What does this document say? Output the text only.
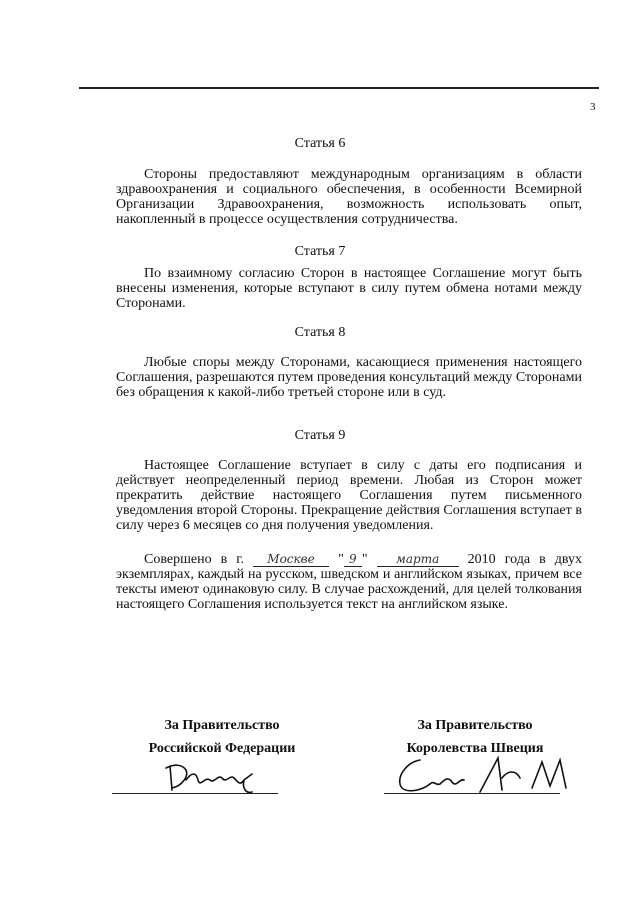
3
Статья 6

Стороны предоставляют международным организациям в области здравоохранения и социального обеспечения, в особенности Всемирной Организации Здравоохранения, возможность использовать опыт, накопленный в процессе осуществления сотрудничества.

Статья 7

По взаимному согласию Сторон в настоящее Соглашение могут быть внесены изменения, которые вступают в силу путем обмена нотами между Сторонами.

Статья 8

Любые споры между Сторонами, касающиеся применения настоящего Соглашения, разрешаются путем проведения консультаций между Сторонами без обращения к какой-либо третьей стороне или в суд.

Статья 9

Настоящее Соглашение вступает в силу с даты его подписания и действует неопределенный период времени. Любая из Сторон может прекратить действие настоящего Соглашения путем письменного уведомления второй Стороны. Прекращение действия Соглашения вступает в силу через 6 месяцев со дня получения уведомления.

Совершено в г. Москве " 9 " марта 2010 года в двух экземплярах, каждый на русском, шведском и английском языках, причем все тексты имеют одинаковую силу. В случае расхождений, для целей толкования настоящего Соглашения используется текст на английском языке.

За Правительство
Российской Федерации
За Правительство
Королевства Швеция
